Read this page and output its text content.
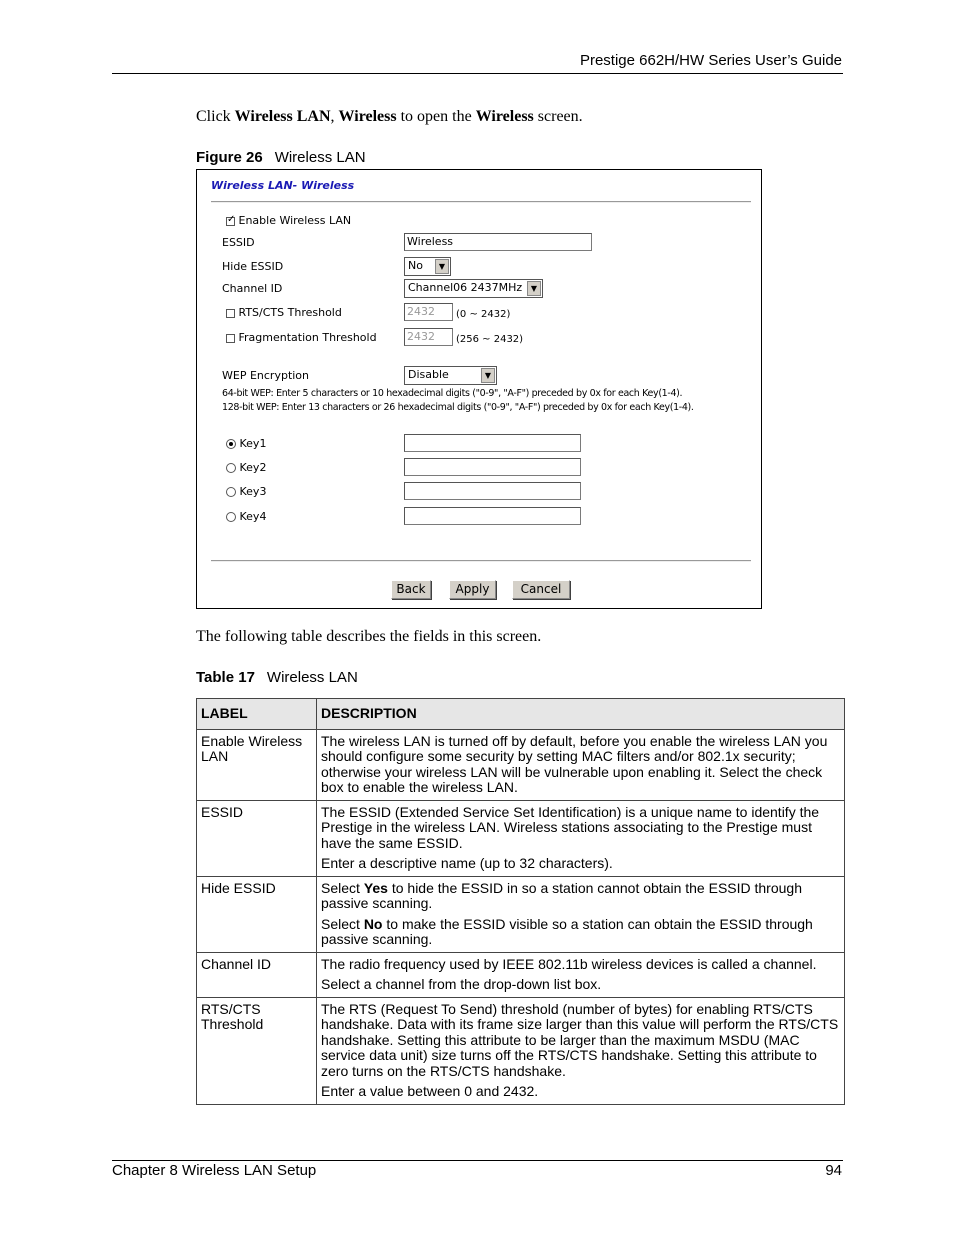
Prestige 662H/HW Series User’s Guide
Click Wireless LAN, Wireless to open the Wireless screen.
Figure 26 Wireless LAN
Wireless LAN- Wireless
✓ Enable Wireless LAN
ESSID	Wireless
Hide ESSID	No	▼
Channel ID	Channel06 2437MHz	▼
RTS/CTS Threshold	2432	(0 ~ 2432)
Fragmentation Threshold	2432	(256 ~ 2432)
WEP Encryption	Disable	▼
64-bit WEP: Enter 5 characters or 10 hexadecimal digits ("0-9", "A-F") preceded by 0x for each Key(1-4).
128-bit WEP: Enter 13 characters or 26 hexadecimal digits ("0-9", "A-F") preceded by 0x for each Key(1-4).
Key1
Key2
Key3
Key4
Back	Apply	Cancel
The following table describes the fields in this screen.
Table 17 Wireless LAN
LABEL	DESCRIPTION
Enable Wireless LAN	The wireless LAN is turned off by default, before you enable the wireless LAN you should configure some security by setting MAC filters and/or 802.1x security; otherwise your wireless LAN will be vulnerable upon enabling it. Select the check box to enable the wireless LAN.

ESSID	The ESSID (Extended Service Set Identification) is a unique name to identify the Prestige in the wireless LAN. Wireless stations associating to the Prestige must have the same ESSID.

Enter a descriptive name (up to 32 characters).

Hide ESSID	Select Yes to hide the ESSID in so a station cannot obtain the ESSID through passive scanning.

Select No to make the ESSID visible so a station can obtain the ESSID through passive scanning.

Channel ID	The radio frequency used by IEEE 802.11b wireless devices is called a channel.

Select a channel from the drop-down list box.

RTS/CTS Threshold	The RTS (Request To Send) threshold (number of bytes) for enabling RTS/CTS handshake. Data with its frame size larger than this value will perform the RTS/CTS handshake. Setting this attribute to be larger than the maximum MSDU (MAC service data unit) size turns off the RTS/CTS handshake. Setting this attribute to zero turns on the RTS/CTS handshake.

Enter a value between 0 and 2432.

Chapter 8 Wireless LAN Setup	94
